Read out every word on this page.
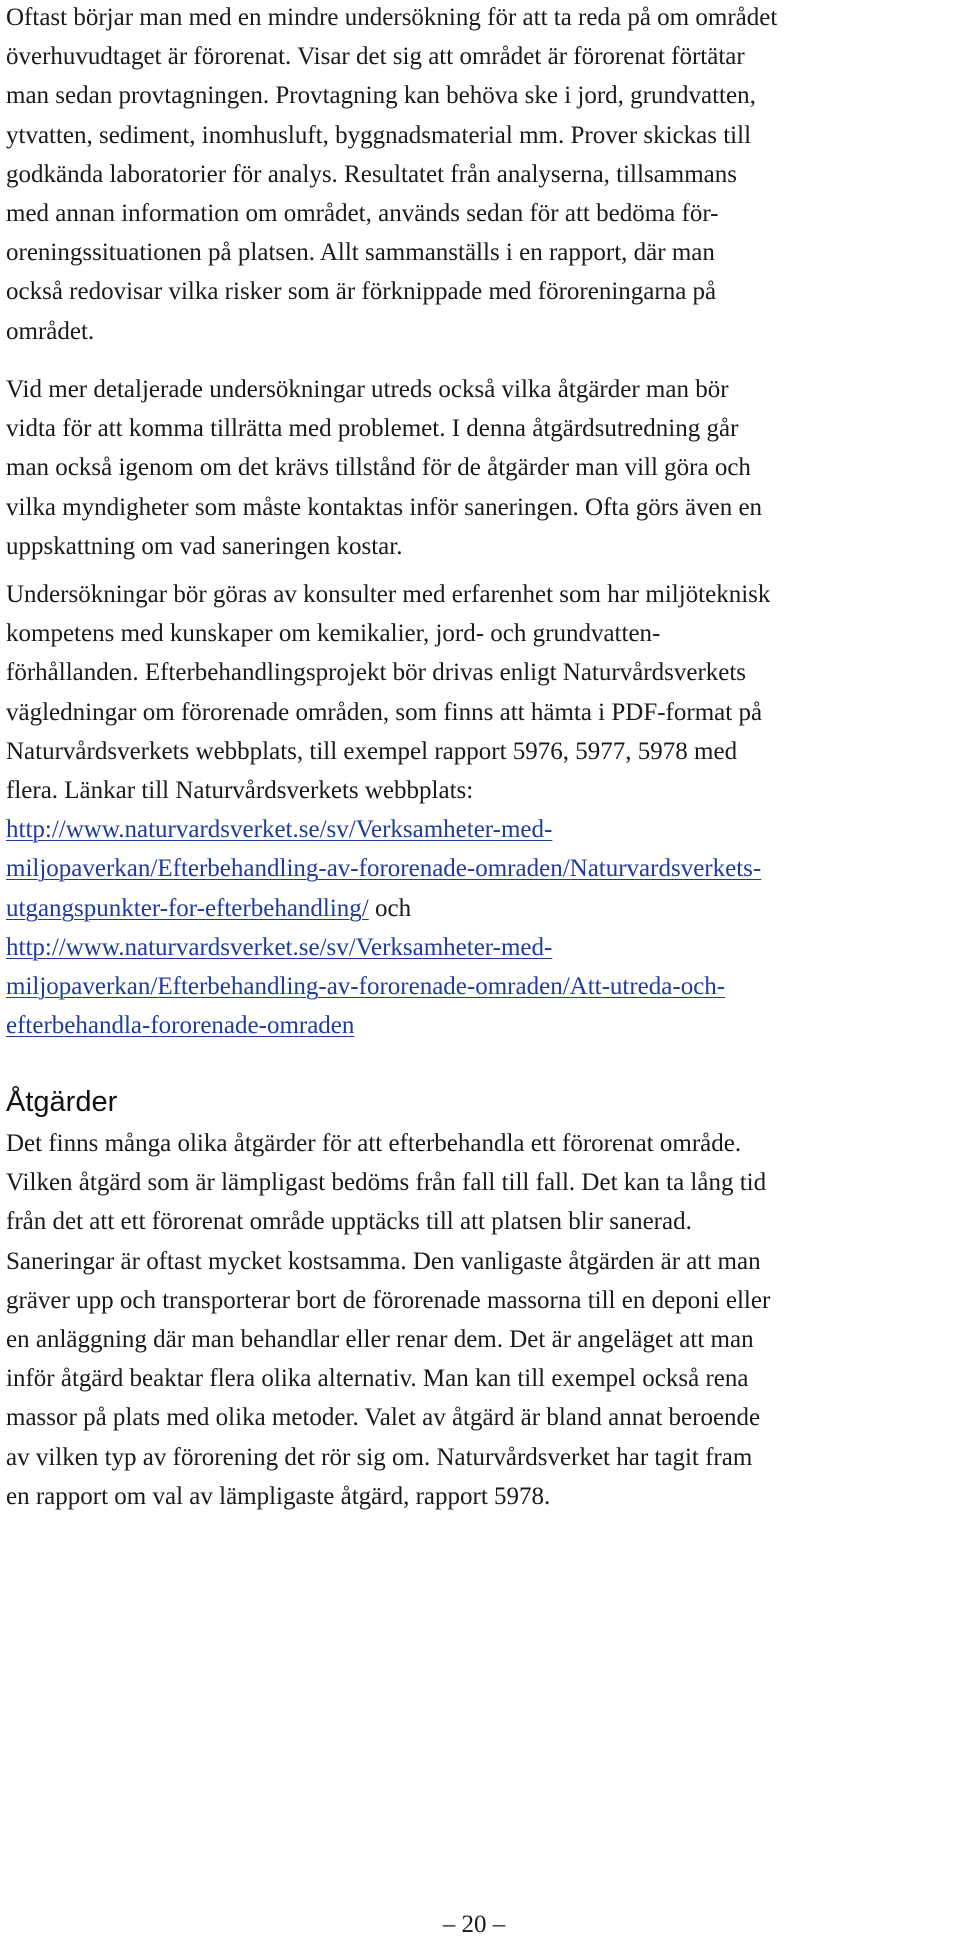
Oftast börjar man med en mindre undersökning för att ta reda på om området
överhuvudtaget är förorenat. Visar det sig att området är förorenat förtätar
man sedan provtagningen. Provtagning kan behöva ske i jord, grundvatten,
ytvatten, sediment, inomhusluft, byggnadsmaterial mm. Prover skickas till
godkända laboratorier för analys. Resultatet från analyserna, tillsammans
med annan information om området, används sedan för att bedöma för-
oreningssituationen på platsen. Allt sammanställs i en rapport, där man
också redovisar vilka risker som är förknippade med föroreningarna på
området.

Vid mer detaljerade undersökningar utreds också vilka åtgärder man bör
vidta för att komma tillrätta med problemet. I denna åtgärdsutredning går
man också igenom om det krävs tillstånd för de åtgärder man vill göra och
vilka myndigheter som måste kontaktas inför saneringen. Ofta görs även en
uppskattning om vad saneringen kostar.

Undersökningar bör göras av konsulter med erfarenhet som har miljöteknisk
kompetens med kunskaper om kemikalier, jord- och grundvatten-
förhållanden. Efterbehandlingsprojekt bör drivas enligt Naturvårdsverkets
vägledningar om förorenade områden, som finns att hämta i PDF-format på
Naturvårdsverkets webbplats, till exempel rapport 5976, 5977, 5978 med
flera. Länkar till Naturvårdsverkets webbplats:
http://www.naturvardsverket.se/sv/Verksamheter-med-
miljopaverkan/Efterbehandling-av-fororenade-omraden/Naturvardsverkets-
utgangspunkter-for-efterbehandling/ och
http://www.naturvardsverket.se/sv/Verksamheter-med-
miljopaverkan/Efterbehandling-av-fororenade-omraden/Att-utreda-och-
efterbehandla-fororenade-omraden

Åtgärder

Det finns många olika åtgärder för att efterbehandla ett förorenat område.
Vilken åtgärd som är lämpligast bedöms från fall till fall. Det kan ta lång tid
från det att ett förorenat område upptäcks till att platsen blir sanerad.
Saneringar är oftast mycket kostsamma. Den vanligaste åtgärden är att man
gräver upp och transporterar bort de förorenade massorna till en deponi eller
en anläggning där man behandlar eller renar dem. Det är angeläget att man
inför åtgärd beaktar flera olika alternativ. Man kan till exempel också rena
massor på plats med olika metoder. Valet av åtgärd är bland annat beroende
av vilken typ av förorening det rör sig om. Naturvårdsverket har tagit fram
en rapport om val av lämpligaste åtgärd, rapport 5978.

– 20 –
